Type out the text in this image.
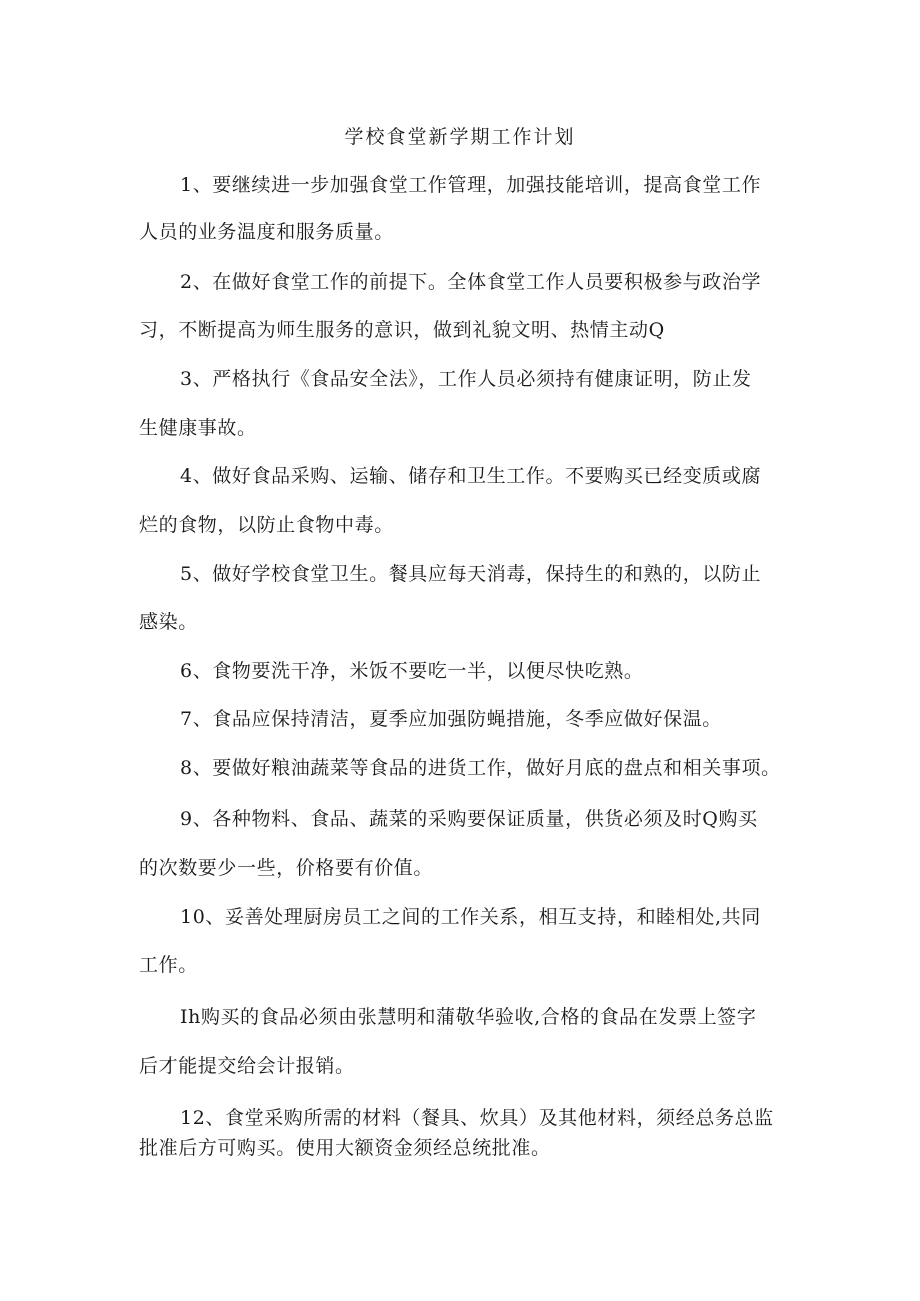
学校食堂新学期工作计划
1、要继续进一步加强食堂工作管理，加强技能培训，提高食堂工作
人员的业务温度和服务质量。
2、在做好食堂工作的前提下。全体食堂工作人员要积极参与政治学
习，不断提高为师生服务的意识，做到礼貌文明、热情主动Q
3、严格执行《食品安全法》，工作人员必须持有健康证明，防止发
生健康事故。
4、做好食品采购、运输、储存和卫生工作。不要购买已经变质或腐
烂的食物，以防止食物中毒。
5、做好学校食堂卫生。餐具应每天消毒，保持生的和熟的，以防止
感染。
6、食物要洗干净，米饭不要吃一半，以便尽快吃熟。
7、食品应保持清洁，夏季应加强防蝇措施，冬季应做好保温。
8、要做好粮油蔬菜等食品的进货工作，做好月底的盘点和相关事项。
9、各种物料、食品、蔬菜的采购要保证质量，供货必须及时Q购买
的次数要少一些，价格要有价值。
10、妥善处理厨房员工之间的工作关系，相互支持，和睦相处,共同
工作。
Ih购买的食品必须由张慧明和蒲敬华验收,合格的食品在发票上签字
后才能提交给会计报销。
12、食堂采购所需的材料（餐具、炊具）及其他材料，须经总务总监
批准后方可购买。使用大额资金须经总统批准。
